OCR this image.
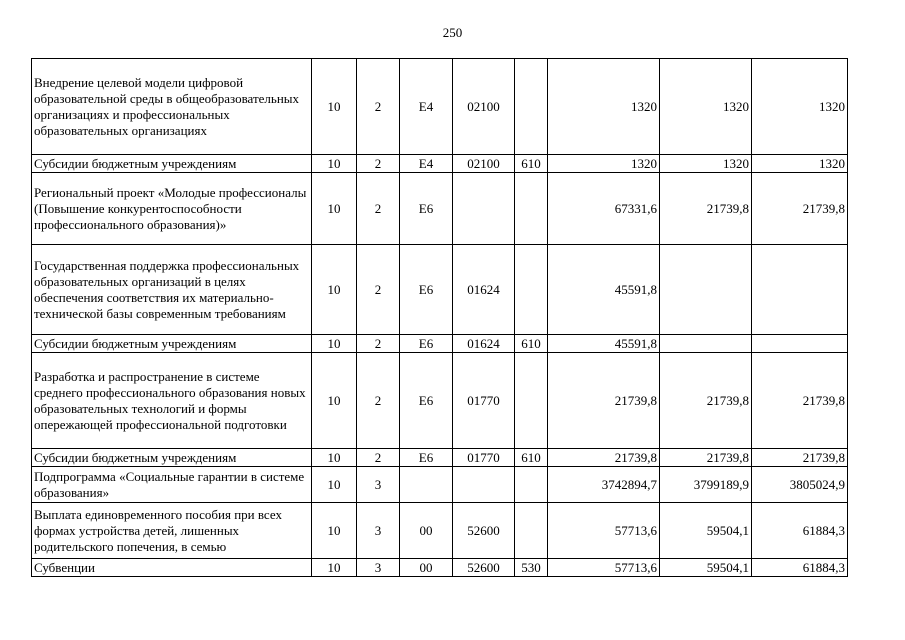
250
Внедрение целевой модели цифровой образовательной среды в общеобразовательных организациях и профессиональных образовательных организациях	10	2	E4	02100		1320	1320	1320
Субсидии бюджетным учреждениям	10	2	E4	02100	610	1320	1320	1320
Региональный проект «Молодые профессионалы (Повышение конкурентоспособности профессионального образования)»	10	2	E6			67331,6	21739,8	21739,8
Государственная поддержка профессиональных образовательных организаций в целях обеспечения соответствия их материально-технической базы современным требованиям	10	2	E6	01624		45591,8		
Субсидии бюджетным учреждениям	10	2	E6	01624	610	45591,8		
Разработка и распространение в системе среднего профессионального образования новых образовательных технологий и формы опережающей профессиональной подготовки	10	2	E6	01770		21739,8	21739,8	21739,8
Субсидии бюджетным учреждениям	10	2	E6	01770	610	21739,8	21739,8	21739,8
Подпрограмма «Социальные гарантии в системе образования»	10	3				3742894,7	3799189,9	3805024,9
Выплата единовременного пособия при всех формах устройства детей, лишенных родительского попечения, в семью	10	3	00	52600		57713,6	59504,1	61884,3
Субвенции	10	3	00	52600	530	57713,6	59504,1	61884,3
